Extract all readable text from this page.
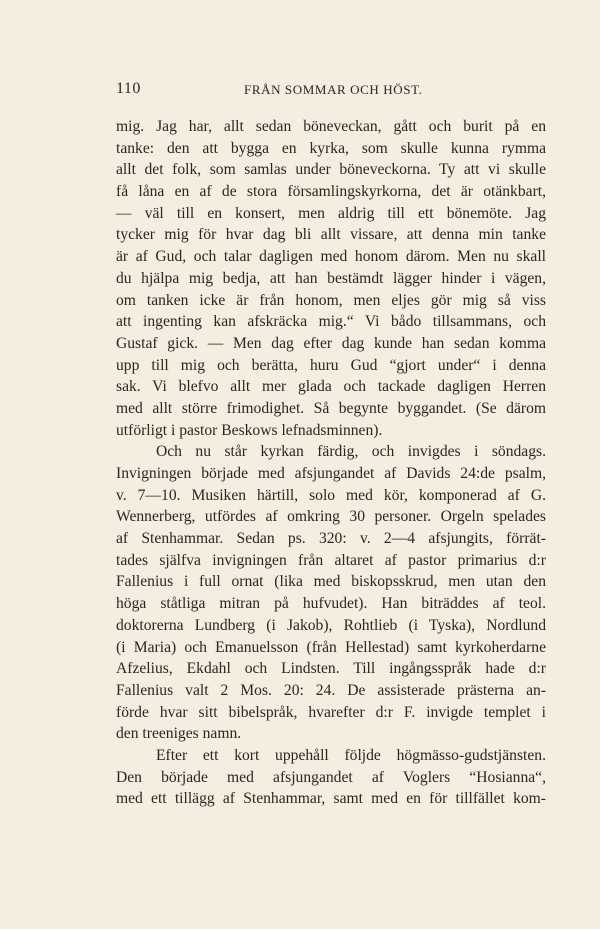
110	FRÅN SOMMAR OCH HÖST.
mig. Jag har, allt sedan böneveckan, gått och burit på en
tanke: den att bygga en kyrka, som skulle kunna rymma
allt det folk, som samlas under böneveckorna. Ty att vi skulle
få låna en af de stora församlingskyrkorna, det är otänkbart,
— väl till en konsert, men aldrig till ett bönemöte. Jag
tycker mig för hvar dag bli allt vissare, att denna min tanke
är af Gud, och talar dagligen med honom därom. Men nu skall
du hjälpa mig bedja, att han bestämdt lägger hinder i vägen,
om tanken icke är från honom, men eljes gör mig så viss
att ingenting kan afskräcka mig.“ Vi bådo tillsammans, och
Gustaf gick. — Men dag efter dag kunde han sedan komma
upp till mig och berätta, huru Gud “gjort under“ i denna
sak. Vi blefvo allt mer glada och tackade dagligen Herren
med allt större frimodighet. Så begynte byggandet. (Se därom
utförligt i pastor Beskows lefnadsminnen).
Och nu står kyrkan färdig, och invigdes i söndags.
Invigningen började med afsjungandet af Davids 24:de psalm,
v. 7—10. Musiken härtill, solo med kör, komponerad af G.
Wennerberg, utfördes af omkring 30 personer. Orgeln spelades
af Stenhammar. Sedan ps. 320: v. 2—4 afsjungits, förrät-
tades själfva invigningen från altaret af pastor primarius d:r
Fallenius i full ornat (lika med biskopsskrud, men utan den
höga ståtliga mitran på hufvudet). Han biträddes af teol.
doktorerna Lundberg (i Jakob), Rohtlieb (i Tyska), Nordlund
(i Maria) och Emanuelsson (från Hellestad) samt kyrkoherdarne
Afzelius, Ekdahl och Lindsten. Till ingångsspråk hade d:r
Fallenius valt 2 Mos. 20: 24. De assisterade prästerna an-
förde hvar sitt bibelspråk, hvarefter d:r F. invigde templet i
den treeniges namn.
Efter ett kort uppehåll följde högmässo-gudstjänsten.
Den började med afsjungandet af Voglers “Hosianna“,
med ett tillägg af Stenhammar, samt med en för tillfället kom-
